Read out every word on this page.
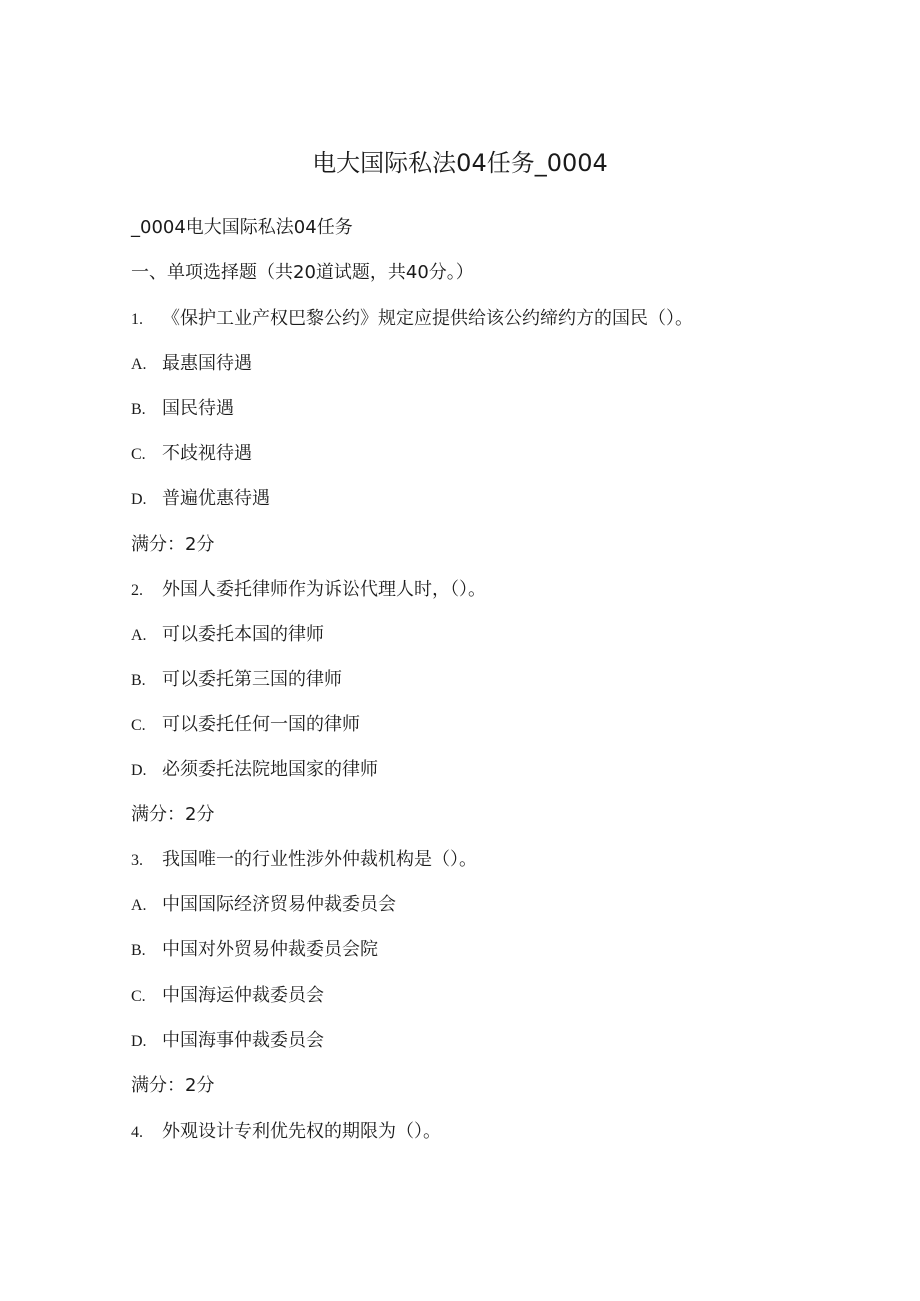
电大国际私法04任务_0004
_0004电大国际私法04任务
一、单项选择题（共20道试题，共40分。）
1. 《保护工业产权巴黎公约》规定应提供给该公约缔约方的国民（）。
A. 最惠国待遇
B. 国民待遇
C. 不歧视待遇
D. 普遍优惠待遇
满分：2分
2. 外国人委托律师作为诉讼代理人时，（）。
A. 可以委托本国的律师
B. 可以委托第三国的律师
C. 可以委托任何一国的律师
D. 必须委托法院地国家的律师
满分：2分
3. 我国唯一的行业性涉外仲裁机构是（）。
A. 中国国际经济贸易仲裁委员会
B. 中国对外贸易仲裁委员会院
C. 中国海运仲裁委员会
D. 中国海事仲裁委员会
满分：2分
4. 外观设计专利优先权的期限为（）。
